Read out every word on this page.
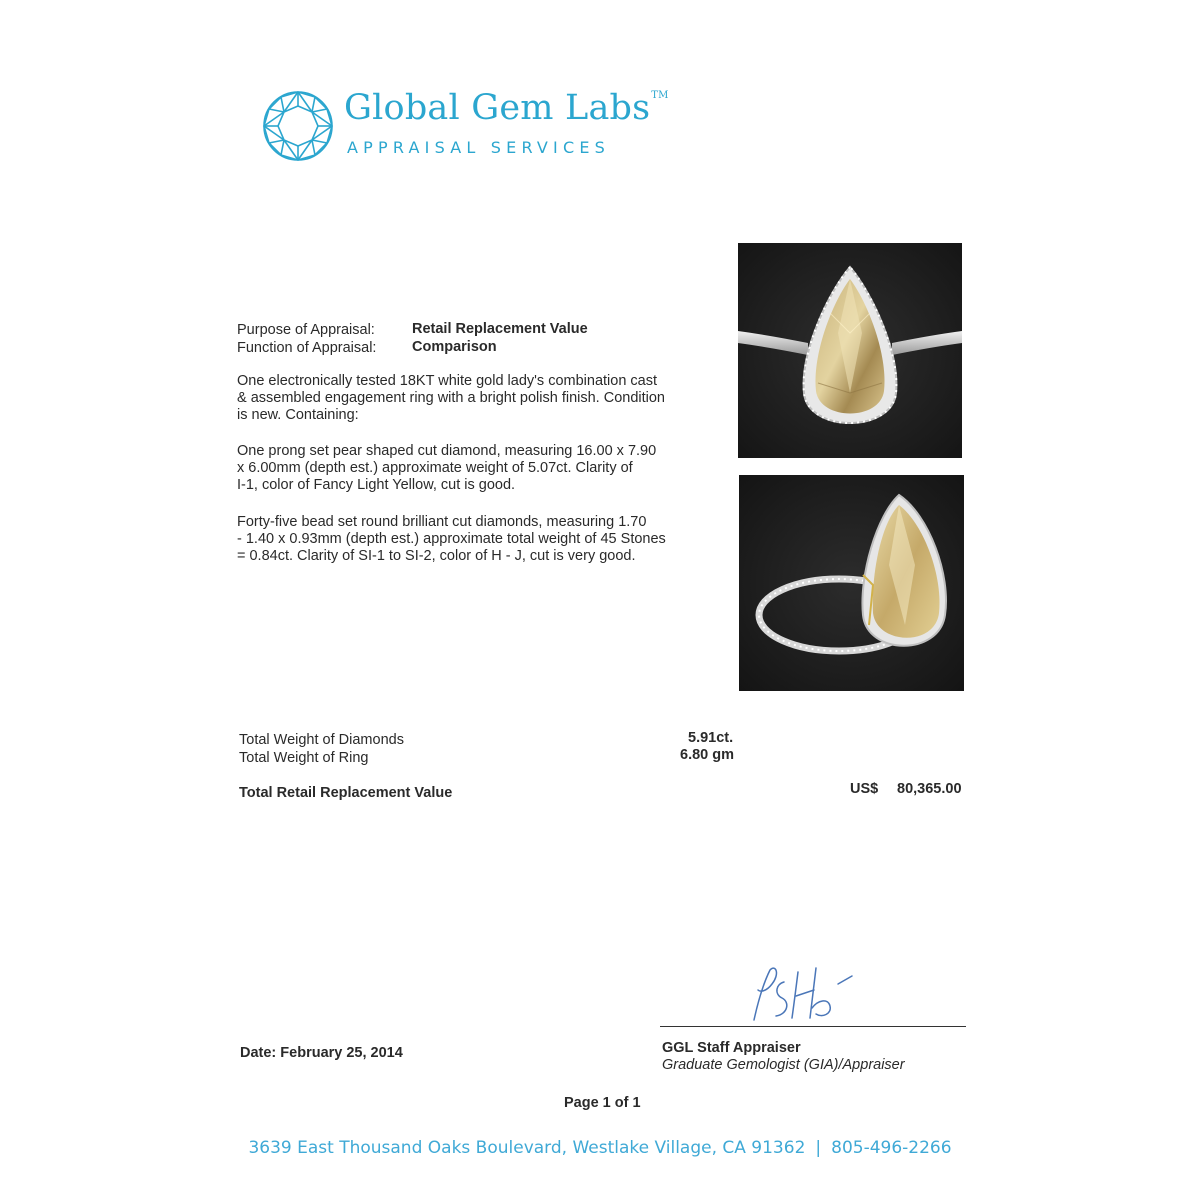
Global Gem Labs™
APPRAISAL SERVICES
Purpose of Appraisal:	Retail Replacement Value
Function of Appraisal: Comparison
One electronically tested 18KT white gold lady's combination cast
& assembled engagement ring with a bright polish finish. Condition
is new. Containing:
One prong set pear shaped cut diamond, measuring 16.00 x 7.90
x 6.00mm (depth est.) approximate weight of 5.07ct. Clarity of
I-1, color of Fancy Light Yellow, cut is good.
Forty-five bead set round brilliant cut diamonds, measuring 1.70
- 1.40 x 0.93mm (depth est.) approximate total weight of 45 Stones
= 0.84ct. Clarity of SI-1 to SI-2, color of H - J, cut is very good.
Total Weight of Diamonds	5.91ct.
Total Weight of Ring	6.80 gm
Total Retail Replacement Value	US$ 80,365.00
Date: February 25, 2014	GGL Staff Appraiser
Graduate Gemologist (GIA)/Appraiser
Page 1 of 1
3639 East Thousand Oaks Boulevard, Westlake Village, CA 91362 | 805-496-2266
